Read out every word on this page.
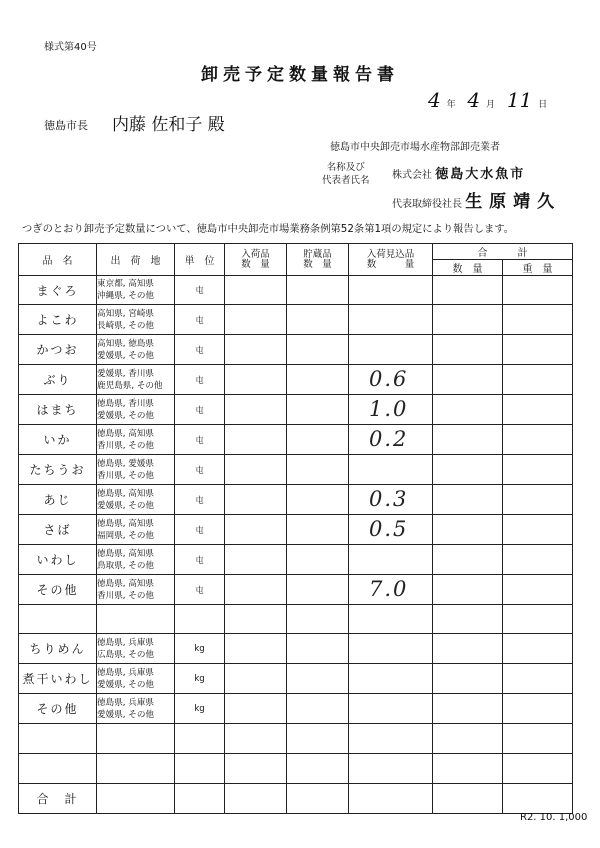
様式第40号
卸売予定数量報告書
4 年 4 月 11 日
徳島市長 内藤 佐和子 殿
徳島市中央卸売市場水産物部卸売業者
名称及び
代表者氏名 株式会社 徳島大水魚市
代表取締役社長 生原靖久
つぎのとおり卸売予定数量について、徳島市中央卸売市場業務条例第52条第1項の規定により報告します。
品　名	出　荷　地	単　位	入荷品
数　量	貯蔵品
数　量	入荷見込品
数　　　量	合　　　計	
						数　量	重　量
まぐろ	東京都, 高知県
沖縄県, その他	屯			

よこわ	高知県, 宮崎県
長崎県, その他	屯			

かつお	高知県, 徳島県
愛媛県, その他	屯			

ぶり	愛媛県, 香川県
鹿児島県, その他	屯			0.6		

はまち	徳島県, 香川県
愛媛県, その他	屯			1.0		

いか	徳島県, 高知県
香川県, その他	屯			0.2		

たちうお	徳島県, 愛媛県
香川県, その他	屯			

あじ	徳島県, 高知県
愛媛県, その他	屯			0.3		

さば	徳島県, 高知県
福岡県, その他	屯			0.5		

いわし	徳島県, 高知県
鳥取県, その他	屯			

その他	徳島県, 高知県
香川県, その他	屯			7.0		

ちりめん	徳島県, 兵庫県
広島県, その他	kg			

煮干いわし	徳島県, 兵庫県
愛媛県, その他	kg			

その他	徳島県, 兵庫県
愛媛県, その他	kg			

合　計	

R2. 10. 1,000
